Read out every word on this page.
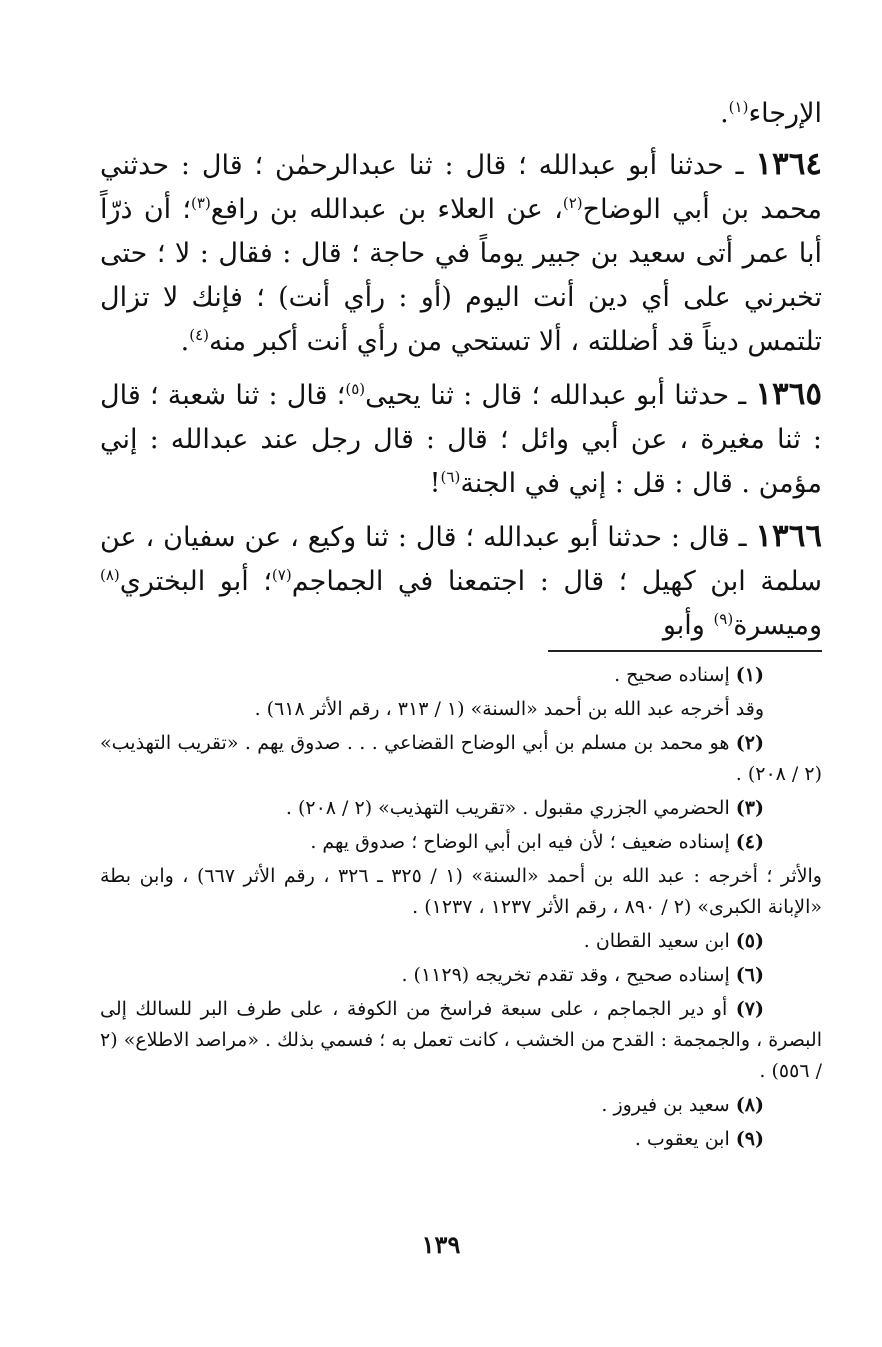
الإرجاء$^{(١)}$.

١٣٦٤ ـ حدثنا أبو عبدالله ؛ قال : ثنا عبدالرحمٰن ؛ قال : حدثني محمد بن أبي الوضاح$^{(٢)}$، عن العلاء بن عبدالله بن رافع$^{(٣)}$؛ أن ذرّاً أبا عمر أتى سعيد بن جبير يوماً في حاجة ؛ قال : فقال : لا ؛ حتى تخبرني على أي دين أنت اليوم (أو : رأي أنت) ؛ فإنك لا تزال تلتمس ديناً قد أضللته ، ألا تستحي من رأي أنت أكبر منه$^{(٤)}$.

١٣٦٥ ـ حدثنا أبو عبدالله ؛ قال : ثنا يحيى$^{(٥)}$؛ قال : ثنا شعبة ؛ قال : ثنا مغيرة ، عن أبي وائل ؛ قال : قال رجل عند عبدالله : إني مؤمن . قال : قل : إني في الجنة$^{(٦)}$!

١٣٦٦ ـ قال : حدثنا أبو عبدالله ؛ قال : ثنا وكيع ، عن سفيان ، عن سلمة ابن كهيل ؛ قال : اجتمعنا في الجماجم$^{(٧)}$؛ أبو البختري$^{(٨)}$ وميسرة$^{(٩)}$ وأبو

(١) إسناده صحيح .

وقد أخرجه عبد الله بن أحمد «السنة» (١ / ٣١٣ ، رقم الأثر ٦١٨) .

(٢) هو محمد بن مسلم بن أبي الوضاح القضاعي . . . صدوق يهم . «تقريب التهذيب» (٢ / ٢٠٨) .

(٣) الحضرمي الجزري مقبول . «تقريب التهذيب» (٢ / ٢٠٨) .

(٤) إسناده ضعيف ؛ لأن فيه ابن أبي الوضاح ؛ صدوق يهم .

والأثر ؛ أخرجه : عبد الله بن أحمد «السنة» (١ / ٣٢٥ ـ ٣٢٦ ، رقم الأثر ٦٦٧) ، وابن بطة «الإبانة الكبرى» (٢ / ٨٩٠ ، رقم الأثر ١٢٣٧ ، ١٢٣٧) .

(٥) ابن سعيد القطان .

(٦) إسناده صحيح ، وقد تقدم تخريجه (١١٢٩) .

(٧) أو دير الجماجم ، على سبعة فراسخ من الكوفة ، على طرف البر للسالك إلى البصرة ، والجمجمة : القدح من الخشب ، كانت تعمل به ؛ فسمي بذلك . «مراصد الاطلاع» (٢ / ٥٥٦) .

(٨) سعيد بن فيروز .

(٩) ابن يعقوب .

١٣٩
